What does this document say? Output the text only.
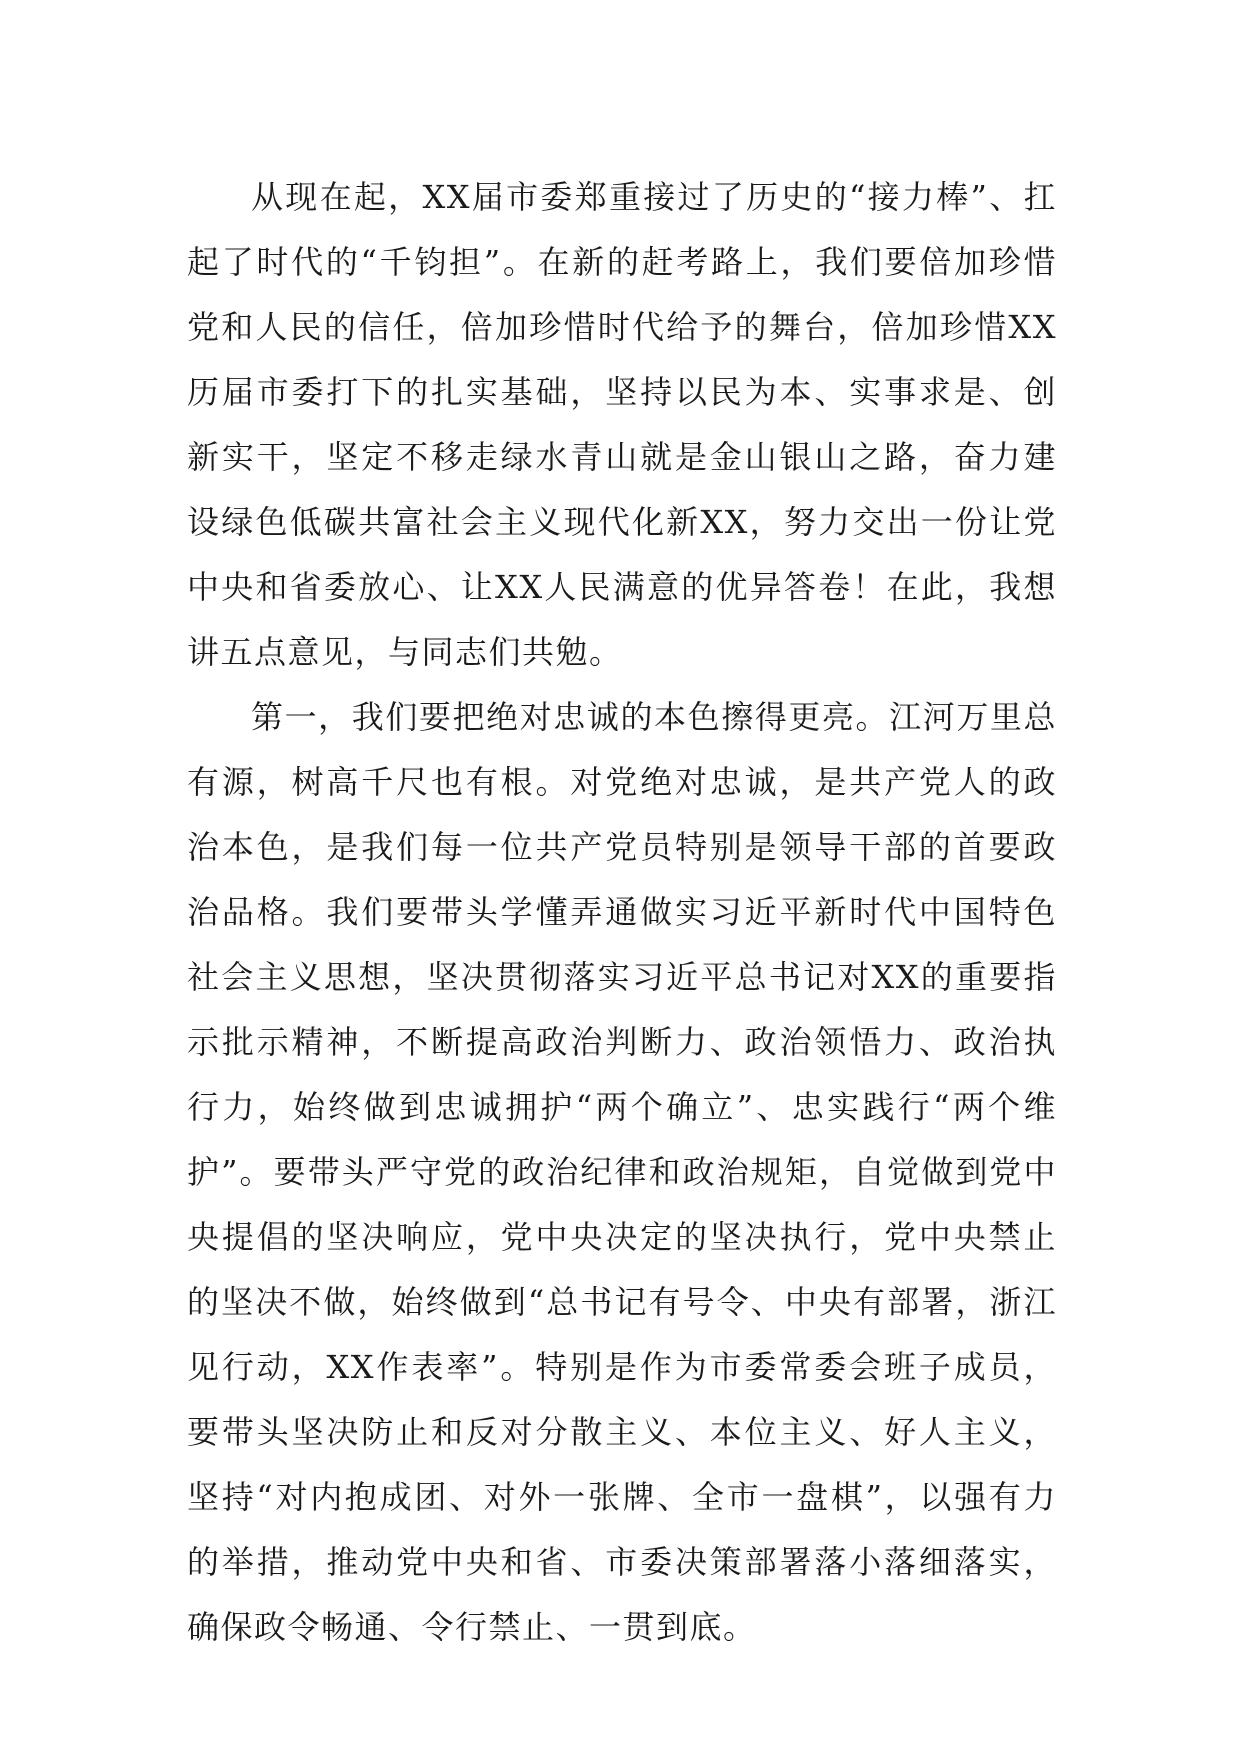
从现在起，XX届市委郑重接过了历史的“接力棒”、扛起了时代的“千钧担”。在新的赶考路上，我们要倍加珍惜党和人民的信任，倍加珍惜时代给予的舞台，倍加珍惜XX历届市委打下的扎实基础，坚持以民为本、实事求是、创新实干，坚定不移走绿水青山就是金山银山之路，奋力建设绿色低碳共富社会主义现代化新XX，努力交出一份让党中央和省委放心、让XX人民满意的优异答卷！在此，我想讲五点意见，与同志们共勉。

第一，我们要把绝对忠诚的本色擦得更亮。江河万里总有源，树高千尺也有根。对党绝对忠诚，是共产党人的政治本色，是我们每一位共产党员特别是领导干部的首要政治品格。我们要带头学懂弄通做实习近平新时代中国特色社会主义思想，坚决贯彻落实习近平总书记对XX的重要指示批示精神，不断提高政治判断力、政治领悟力、政治执行力，始终做到忠诚拥护“两个确立”、忠实践行“两个维护”。要带头严守党的政治纪律和政治规矩，自觉做到党中央提倡的坚决响应，党中央决定的坚决执行，党中央禁止的坚决不做，始终做到“总书记有号令、中央有部署，浙江见行动，XX作表率”。特别是作为市委常委会班子成员，要带头坚决防止和反对分散主义、本位主义、好人主义，坚持“对内抱成团、对外一张牌、全市一盘棋”，以强有力的举措，推动党中央和省、市委决策部署落小落细落实，确保政令畅通、令行禁止、一贯到底。
